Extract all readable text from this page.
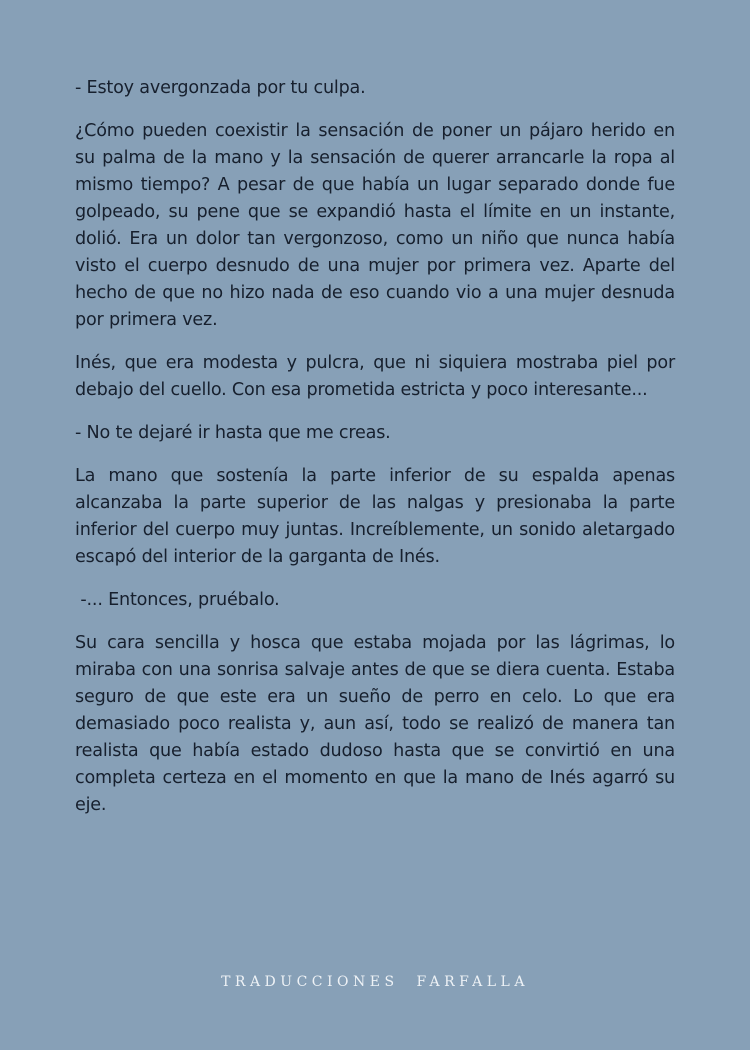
- Estoy avergonzada por tu culpa.

¿Cómo pueden coexistir la sensación de poner un pájaro herido en su palma de la mano y la sensación de querer arrancarle la ropa al mismo tiempo? A pesar de que había un lugar separado donde fue golpeado, su pene que se expandió hasta el límite en un instante, dolió. Era un dolor tan vergonzoso, como un niño que nunca había visto el cuerpo desnudo de una mujer por primera vez. Aparte del hecho de que no hizo nada de eso cuando vio a una mujer desnuda por primera vez.

Inés, que era modesta y pulcra, que ni siquiera mostraba piel por debajo del cuello. Con esa prometida estricta y poco interesante...

- No te dejaré ir hasta que me creas.

La mano que sostenía la parte inferior de su espalda apenas alcanzaba la parte superior de las nalgas y presionaba la parte inferior del cuerpo muy juntas. Increíblemente, un sonido aletargado escapó del interior de la garganta de Inés.

-... Entonces, pruébalo.

Su cara sencilla y hosca que estaba mojada por las lágrimas, lo miraba con una sonrisa salvaje antes de que se diera cuenta. Estaba seguro de que este era un sueño de perro en celo. Lo que era demasiado poco realista y, aun así, todo se realizó de manera tan realista que había estado dudoso hasta que se convirtió en una completa certeza en el momento en que la mano de Inés agarró su eje.

TRADUCCIONES  FARFALLA
